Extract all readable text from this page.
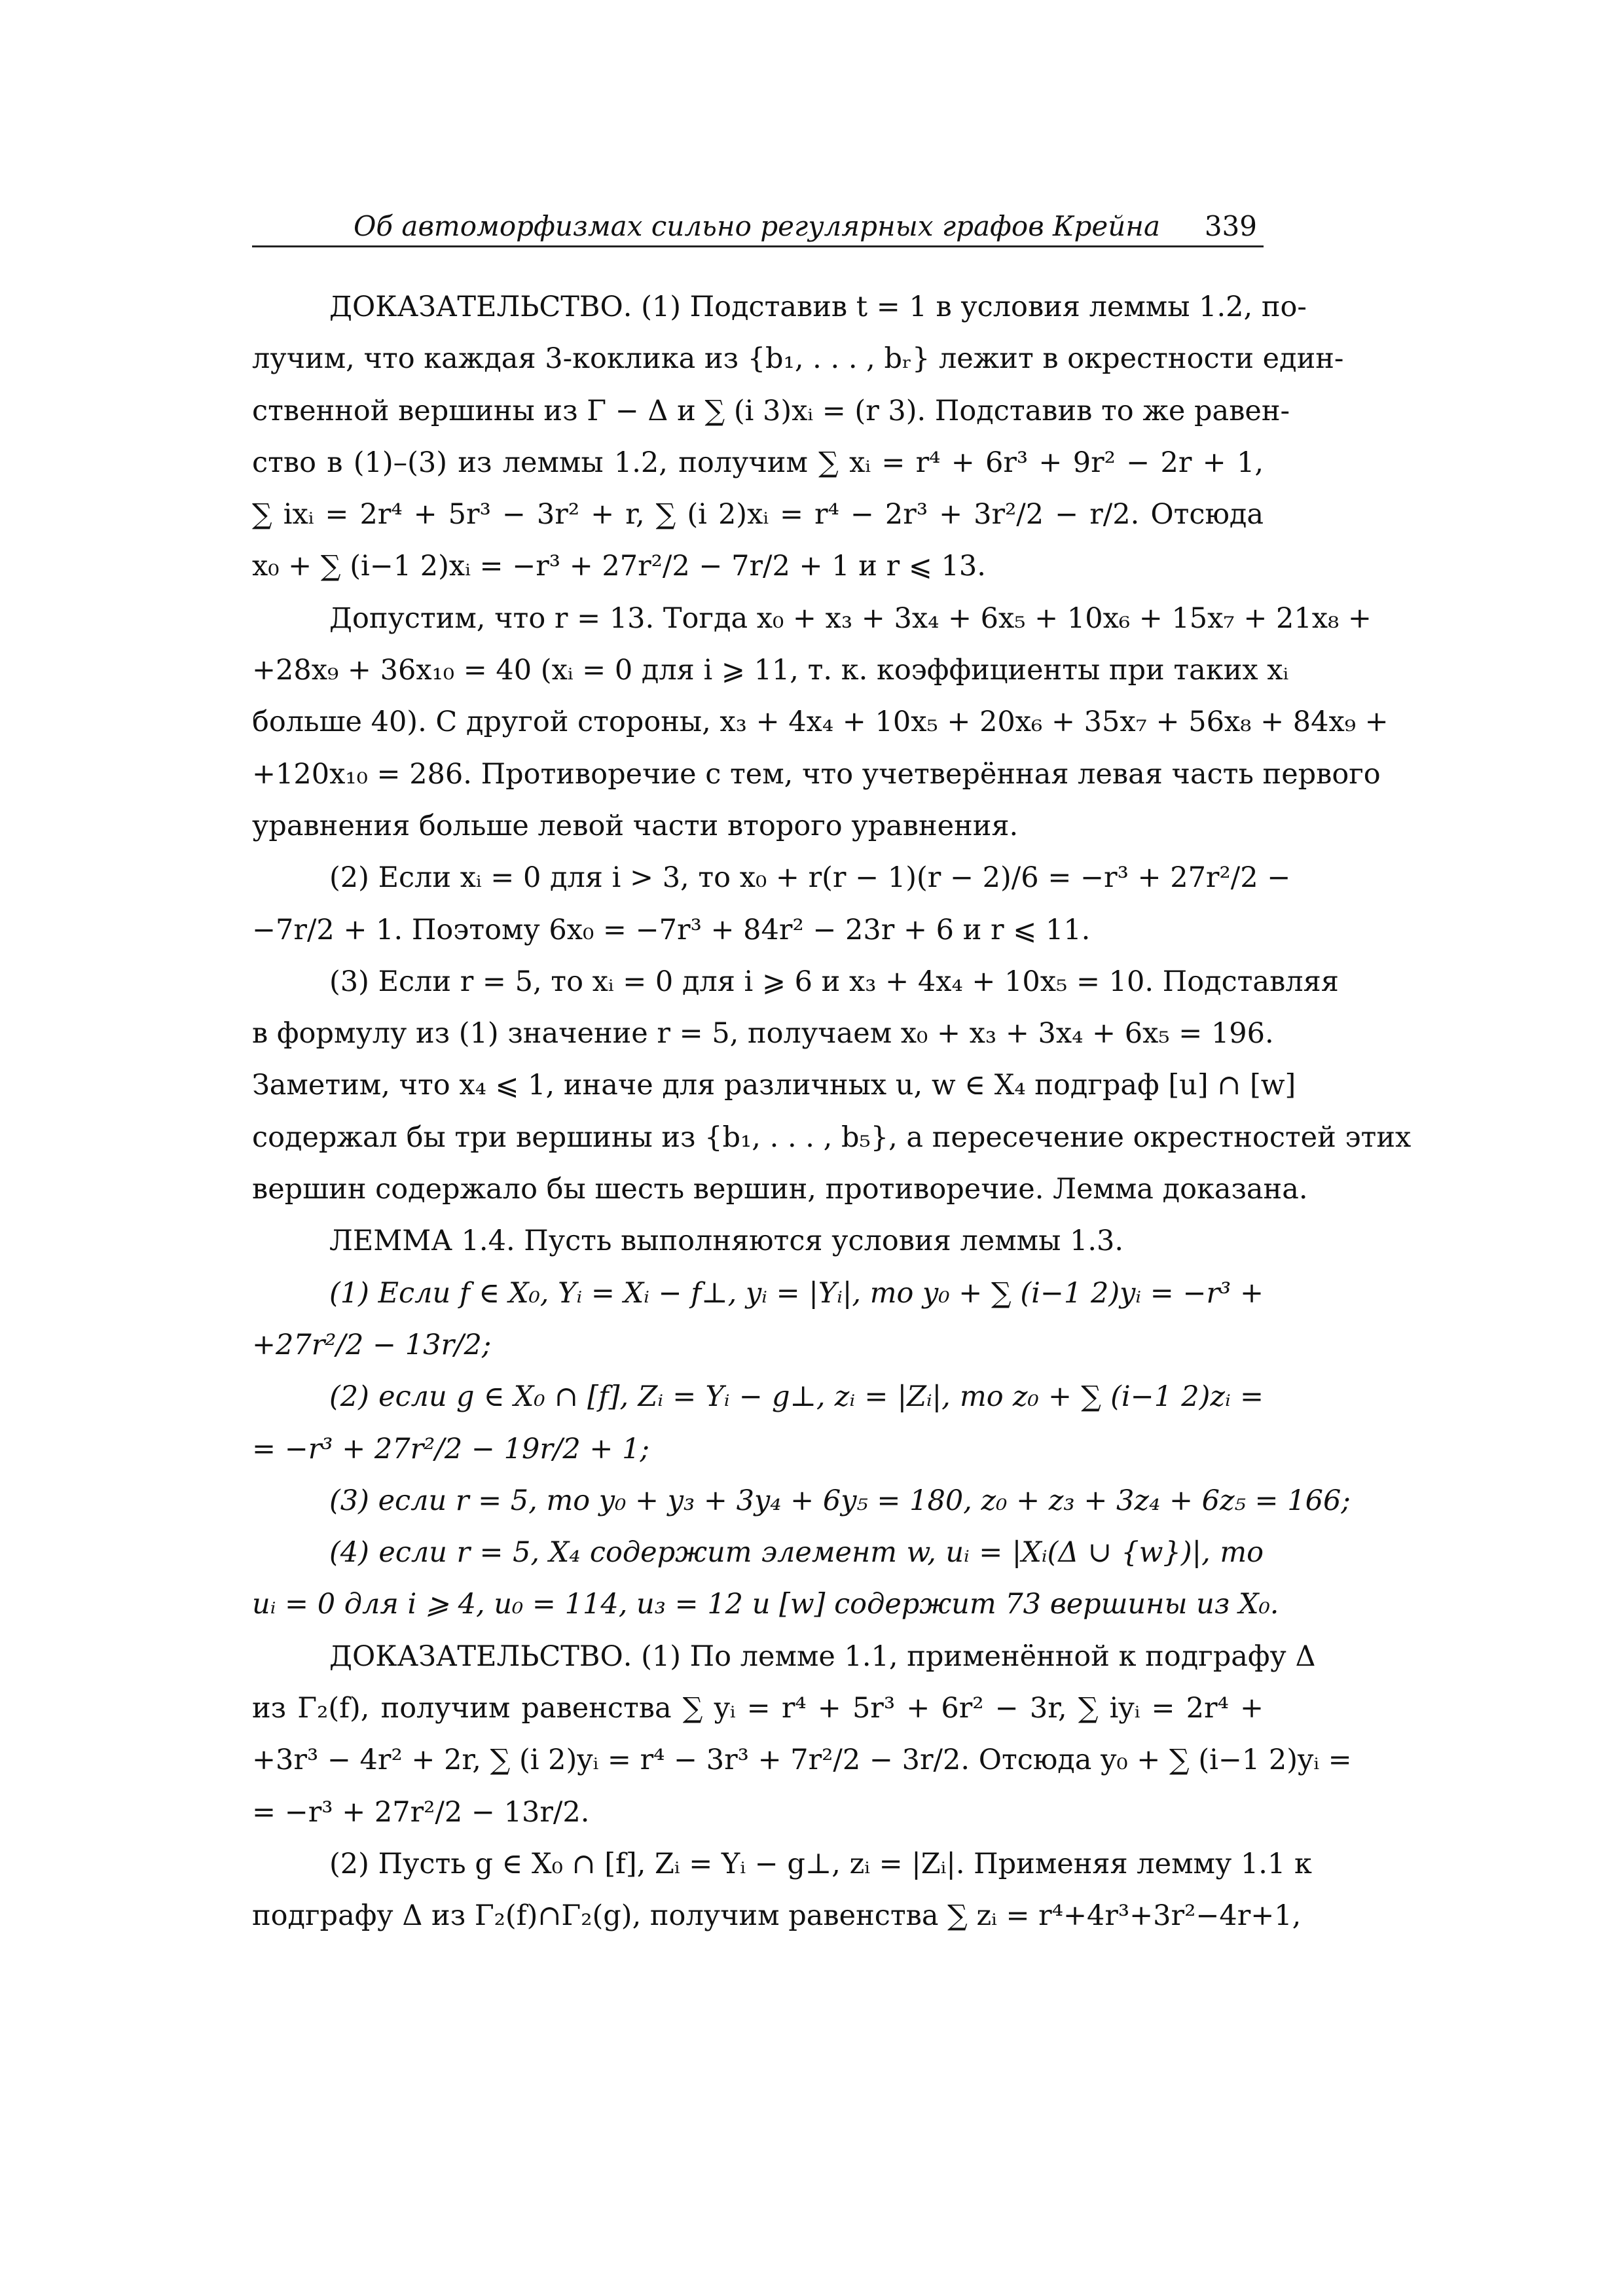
Об автоморфизмах сильно регулярных графов Крейна 339
ДОКАЗАТЕЛЬСТВО. (1) Подставив t = 1 в условия леммы 1.2, по-
лучим, что каждая 3-коклика из {b₁, . . . , bᵣ} лежит в окрестности един-
ственной вершины из Γ − Δ и ∑ (i 3)xᵢ = (r 3). Подставив то же равен-
ство в (1)–(3) из леммы 1.2, получим ∑ xᵢ = r⁴ + 6r³ + 9r² − 2r + 1,
∑ ixᵢ = 2r⁴ + 5r³ − 3r² + r, ∑ (i 2)xᵢ = r⁴ − 2r³ + 3r²/2 − r/2. Отсюда
x₀ + ∑ (i−1 2)xᵢ = −r³ + 27r²/2 − 7r/2 + 1 и r ⩽ 13.
Допустим, что r = 13. Тогда x₀ + x₃ + 3x₄ + 6x₅ + 10x₆ + 15x₇ + 21x₈ +
+28x₉ + 36x₁₀ = 40 (xᵢ = 0 для i ⩾ 11, т. к. коэффициенты при таких xᵢ
больше 40). С другой стороны, x₃ + 4x₄ + 10x₅ + 20x₆ + 35x₇ + 56x₈ + 84x₉ +
+120x₁₀ = 286. Противоречие с тем, что учетверённая левая часть первого
уравнения больше левой части второго уравнения.
(2) Если xᵢ = 0 для i > 3, то x₀ + r(r − 1)(r − 2)/6 = −r³ + 27r²/2 −
−7r/2 + 1. Поэтому 6x₀ = −7r³ + 84r² − 23r + 6 и r ⩽ 11.
(3) Если r = 5, то xᵢ = 0 для i ⩾ 6 и x₃ + 4x₄ + 10x₅ = 10. Подставляя
в формулу из (1) значение r = 5, получаем x₀ + x₃ + 3x₄ + 6x₅ = 196.
Заметим, что x₄ ⩽ 1, иначе для различных u, w ∈ X₄ подграф [u] ∩ [w]
содержал бы три вершины из {b₁, . . . , b₅}, а пересечение окрестностей этих
вершин содержало бы шесть вершин, противоречие. Лемма доказана.
ЛЕММА 1.4. Пусть выполняются условия леммы 1.3.
(1) Если f ∈ X₀, Yᵢ = Xᵢ − f⊥, yᵢ = |Yᵢ|, то y₀ + ∑ (i−1 2)yᵢ = −r³ +
+27r²/2 − 13r/2;
(2) если g ∈ X₀ ∩ [f], Zᵢ = Yᵢ − g⊥, zᵢ = |Zᵢ|, то z₀ + ∑ (i−1 2)zᵢ =
= −r³ + 27r²/2 − 19r/2 + 1;
(3) если r = 5, то y₀ + y₃ + 3y₄ + 6y₅ = 180, z₀ + z₃ + 3z₄ + 6z₅ = 166;
(4) если r = 5, X₄ содержит элемент w, uᵢ = |Xᵢ(Δ ∪ {w})|, то
uᵢ = 0 для i ⩾ 4, u₀ = 114, u₃ = 12 и [w] содержит 73 вершины из X₀.
ДОКАЗАТЕЛЬСТВО. (1) По лемме 1.1, применённой к подграфу Δ
из Γ₂(f), получим равенства ∑ yᵢ = r⁴ + 5r³ + 6r² − 3r, ∑ iyᵢ = 2r⁴ +
+3r³ − 4r² + 2r, ∑ (i 2)yᵢ = r⁴ − 3r³ + 7r²/2 − 3r/2. Отсюда y₀ + ∑ (i−1 2)yᵢ =
= −r³ + 27r²/2 − 13r/2.
(2) Пусть g ∈ X₀ ∩ [f], Zᵢ = Yᵢ − g⊥, zᵢ = |Zᵢ|. Применяя лемму 1.1 к
подграфу Δ из Γ₂(f)∩Γ₂(g), получим равенства ∑ zᵢ = r⁴+4r³+3r²−4r+1,
